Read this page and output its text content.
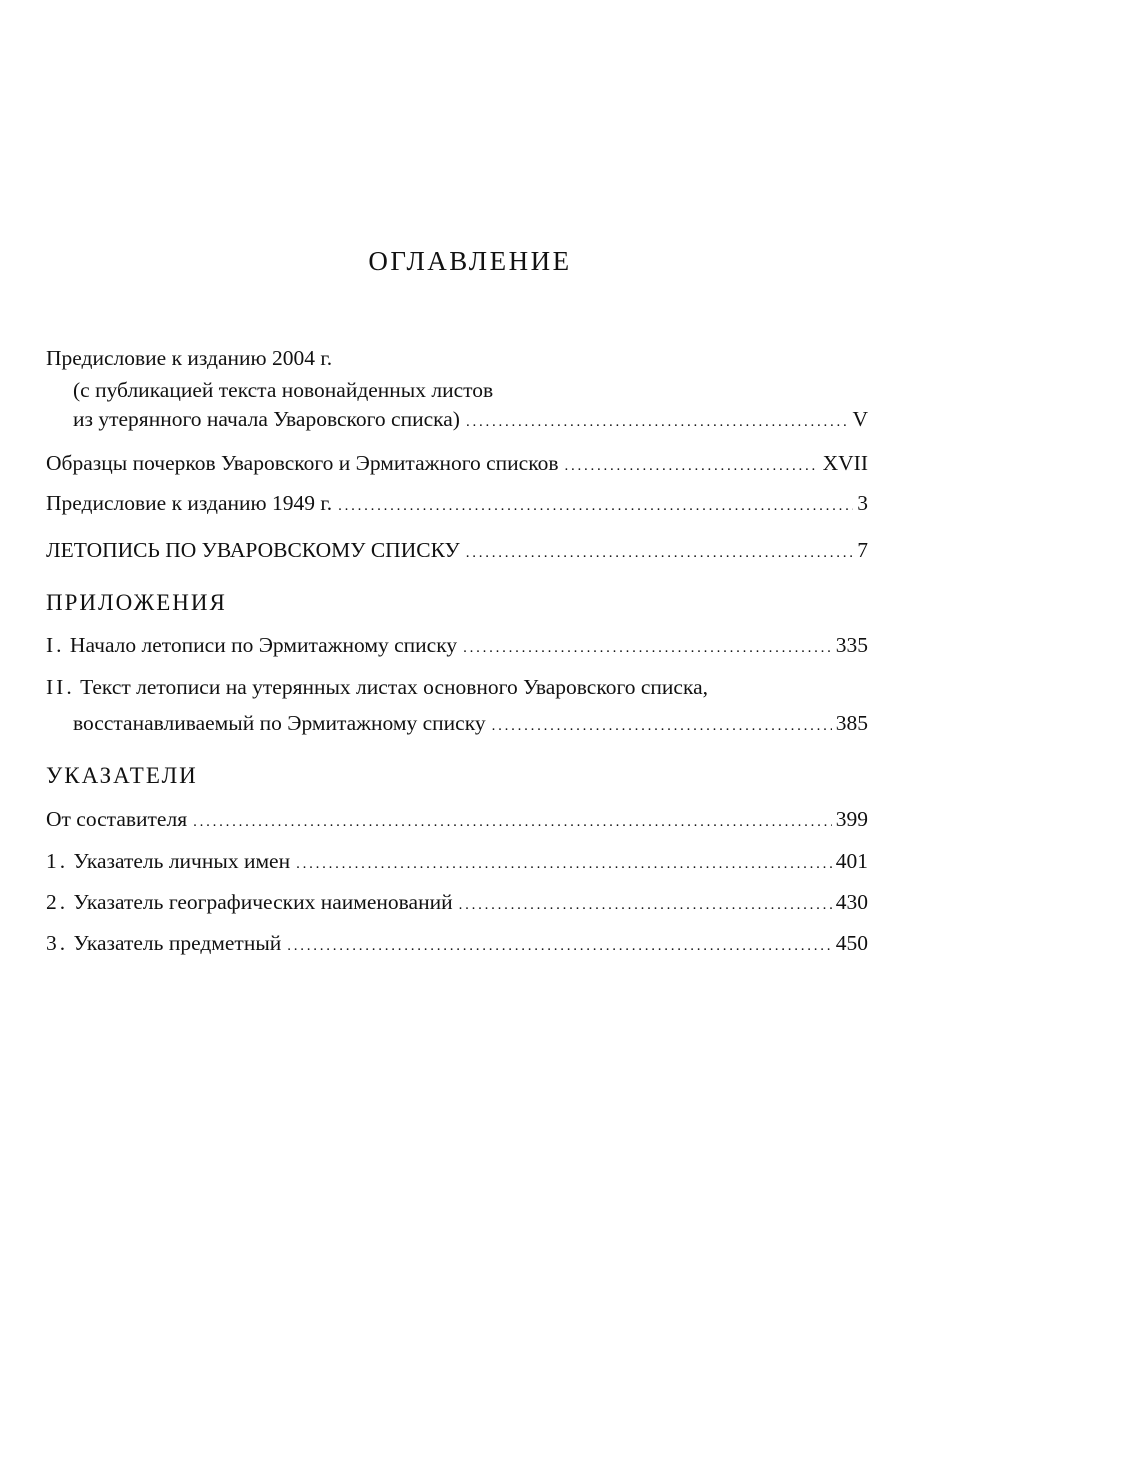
ОГЛАВЛЕНИЕ
Предисловие к изданию 2004 г.
(с публикацией текста новонайденных листов
из утерянного начала Уваровского списка) . . .	V
Образцы почерков Уваровского и Эрмитажного списков . . .	XVII
Предисловие к изданию 1949 г. . . .	3
ЛЕТОПИСЬ ПО УВАРОВСКОМУ СПИСКУ . . .	7
ПРИЛОЖЕНИЯ
I. Начало летописи по Эрмитажному списку . . .	335
II. Текст летописи на утерянных листах основного Уваровского списка,
восстанавливаемый по Эрмитажному списку . . .	385
УКАЗАТЕЛИ
От составителя . . .	399
1. Указатель личных имен . . .	401
2. Указатель географических наименований . . .	430
3. Указатель предметный . . .	450
